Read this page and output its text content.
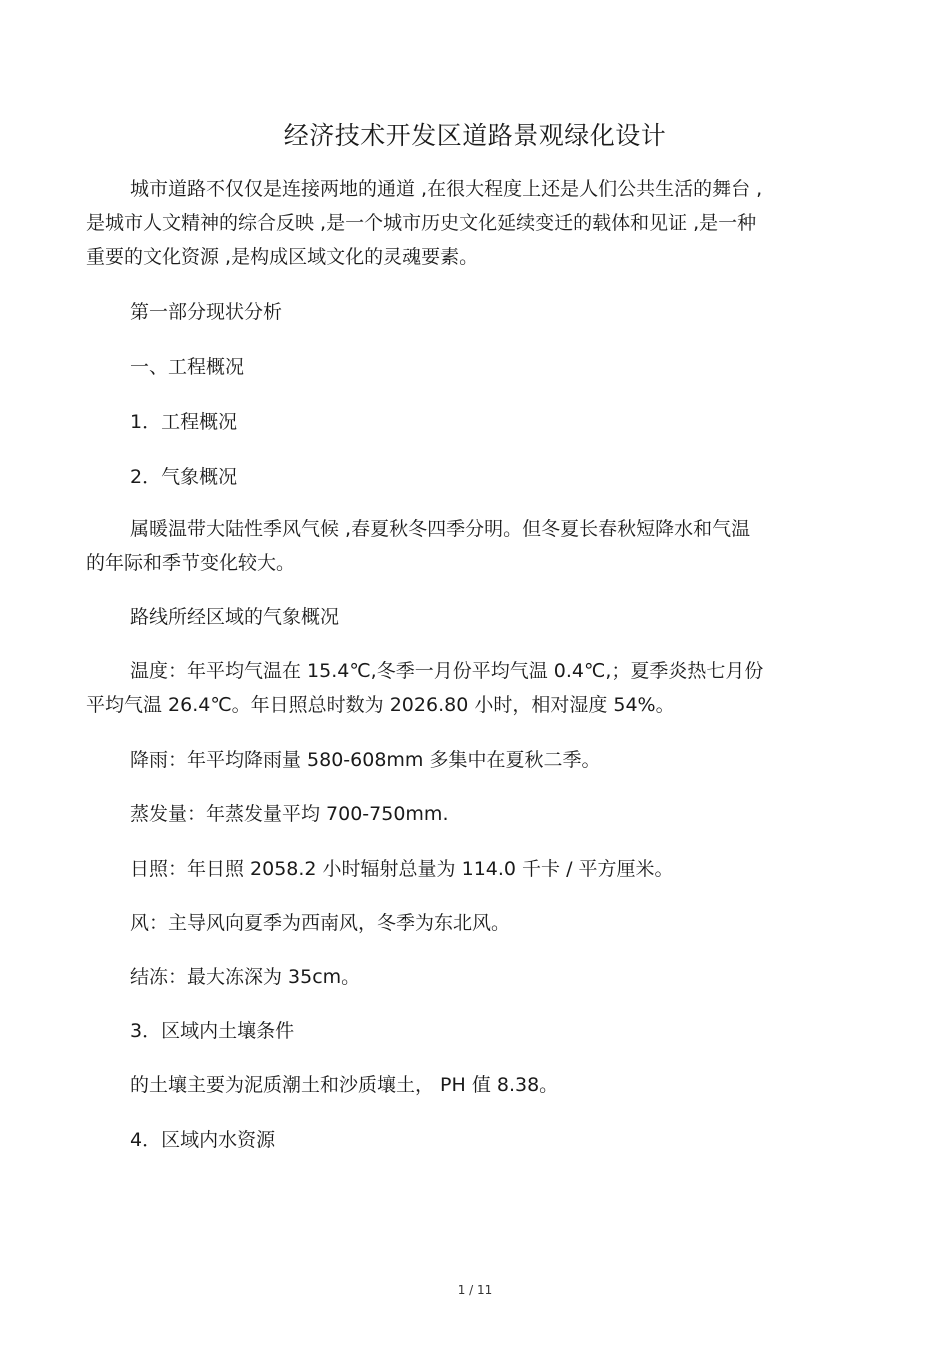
经济技术开发区道路景观绿化设计
城市道路不仅仅是连接两地的通道 ,在很大程度上还是人们公共生活的舞台 ,
是城市人文精神的综合反映 ,是一个城市历史文化延续变迁的载体和见证 ,是一种
重要的文化资源 ,是构成区域文化的灵魂要素。
第一部分现状分析
一、工程概况
1．工程概况
2．气象概况
属暖温带大陆性季风气候 ,春夏秋冬四季分明。但冬夏长春秋短降水和气温
的年际和季节变化较大。
路线所经区域的气象概况
温度：年平均气温在 15.4℃,冬季一月份平均气温 0.4℃,；夏季炎热七月份
平均气温 26.4℃。年日照总时数为 2026.80 小时，相对湿度 54%。
降雨：年平均降雨量 580-608mm 多集中在夏秋二季。
蒸发量：年蒸发量平均 700-750mm.
日照：年日照 2058.2 小时辐射总量为 114.0 千卡 / 平方厘米。
风：主导风向夏季为西南风，冬季为东北风。
结冻：最大冻深为 35cm。
3．区域内土壤条件
的土壤主要为泥质潮土和沙质壤土， PH 值 8.38。
4．区域内水资源
1 / 11
